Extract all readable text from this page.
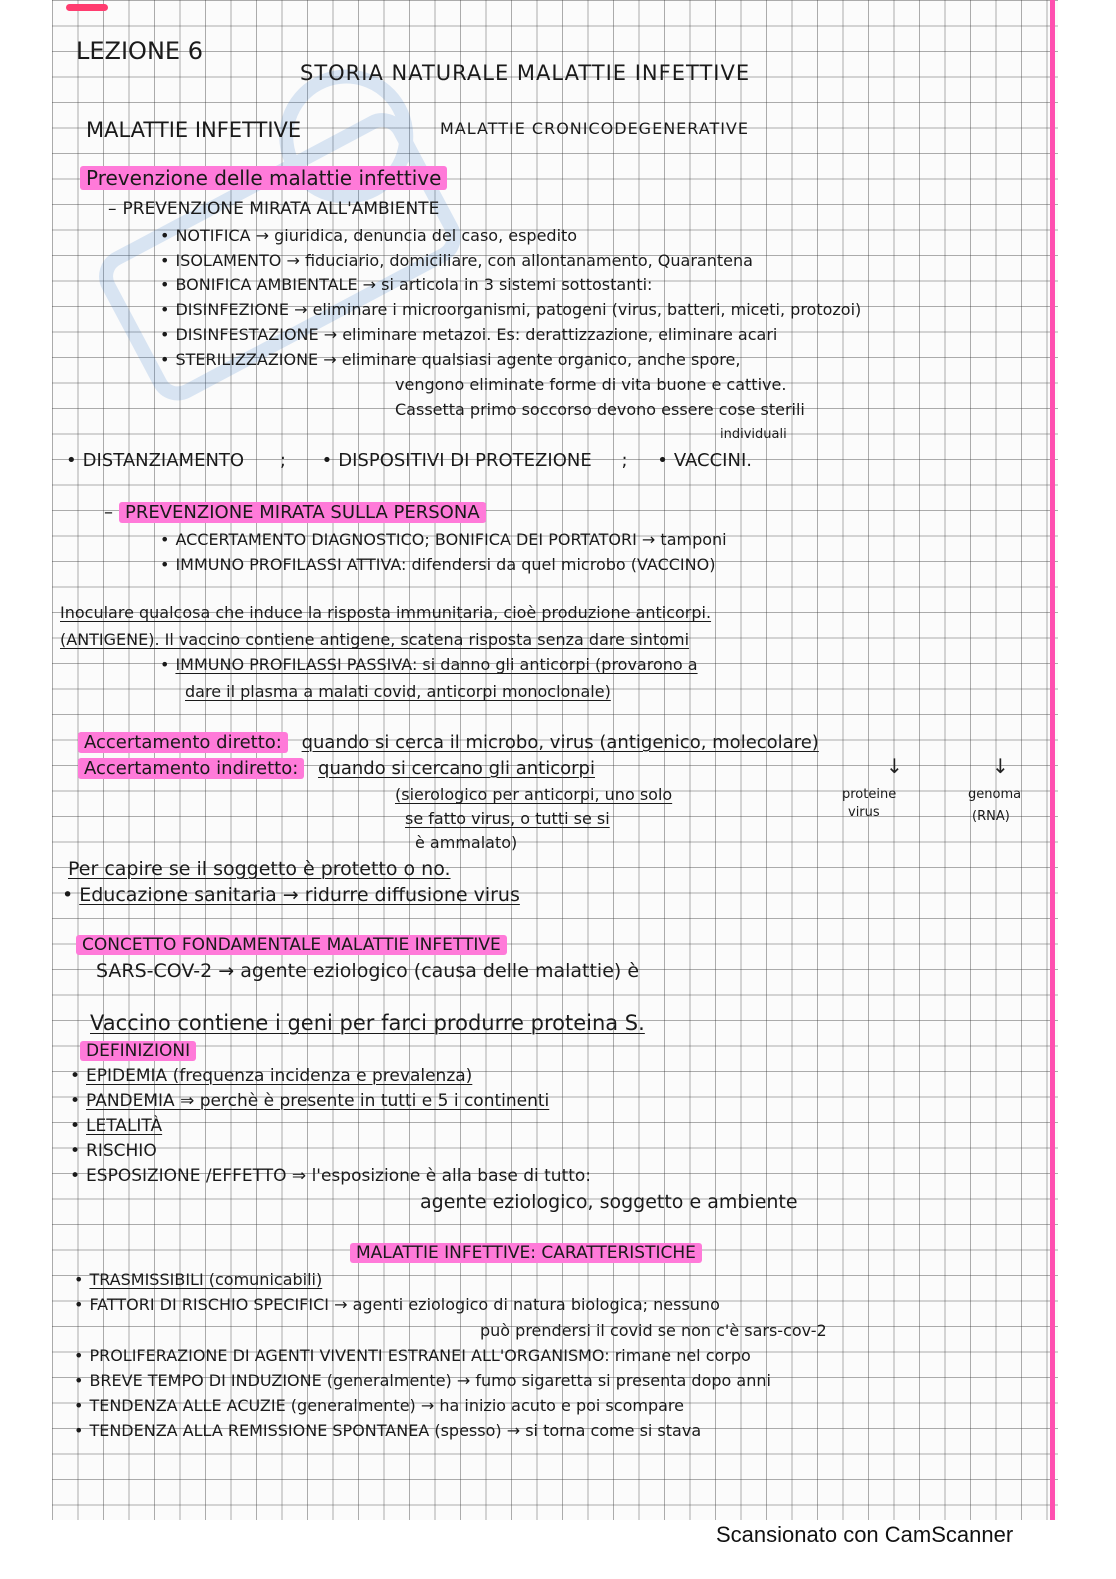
LEZIONE 6
STORIA NATURALE MALATTIE INFETTIVE
MALATTIE INFETTIVE	MALATTIE CRONICODEGENERATIVE
Prevenzione delle malattie infettive
– PREVENZIONE MIRATA ALL'AMBIENTE
• NOTIFICA → giuridica, denuncia del caso, espedito
• ISOLAMENTO → fiduciario, domiciliare, con allontanamento, Quarantena
• BONIFICA AMBIENTALE → si articola in 3 sistemi sottostanti:
• DISINFEZIONE → eliminare i microorganismi, patogeni (virus, batteri, miceti, protozoi)
• DISINFESTAZIONE → eliminare metazoi. Es: derattizzazione, eliminare acari
• STERILIZZAZIONE → eliminare qualsiasi agente organico, anche spore,
vengono eliminate forme di vita buone e cattive.
Cassetta primo soccorso devono essere cose sterili
individuali
• DISTANZIAMENTO ; • DISPOSITIVI DI PROTEZIONE ; • VACCINI.
– PREVENZIONE MIRATA SULLA PERSONA
• ACCERTAMENTO DIAGNOSTICO; BONIFICA DEI PORTATORI → tamponi
• IMMUNO PROFILASSI ATTIVA: difendersi da quel microbo (VACCINO)
Inoculare qualcosa che induce la risposta immunitaria, cioè produzione anticorpi.
(ANTIGENE). Il vaccino contiene antigene, scatena risposta senza dare sintomi
• IMMUNO PROFILASSI PASSIVA: si danno gli anticorpi (provarono a
dare il plasma a malati covid, anticorpi monoclonale)
Accertamento diretto: quando si cerca il microbo, virus (antigenico, molecolare)
Accertamento indiretto: quando si cercano gli anticorpi	↓	↓
(sierologico per anticorpi, uno solo
se fatto virus, o tutti se si
è ammalato)
proteine
virus
genoma
(RNA)
Per capire se il soggetto è protetto o no.
• Educazione sanitaria → ridurre diffusione virus
CONCETTO FONDAMENTALE MALATTIE INFETTIVE
SARS-COV-2 → agente eziologico (causa delle malattie) è
Vaccino contiene i geni per farci produrre proteina S.
DEFINIZIONI
• EPIDEMIA (frequenza incidenza e prevalenza)
• PANDEMIA ⇒ perchè è presente in tutti e 5 i continenti
• LETALITÀ
• RISCHIO
• ESPOSIZIONE /EFFETTO ⇒ l'esposizione è alla base di tutto:
agente eziologico, soggetto e ambiente
MALATTIE INFETTIVE: CARATTERISTICHE
• TRASMISSIBILI (comunicabili)
• FATTORI DI RISCHIO SPECIFICI → agenti eziologico di natura biologica; nessuno
può prendersi il covid se non c'è sars-cov-2
• PROLIFERAZIONE DI AGENTI VIVENTI ESTRANEI ALL'ORGANISMO: rimane nel corpo
• BREVE TEMPO DI INDUZIONE (generalmente) → fumo sigaretta si presenta dopo anni
• TENDENZA ALLE ACUZIE (generalmente) → ha inizio acuto e poi scompare
• TENDENZA ALLA REMISSIONE SPONTANEA (spesso) → si torna come si stava
Scansionato con CamScanner
